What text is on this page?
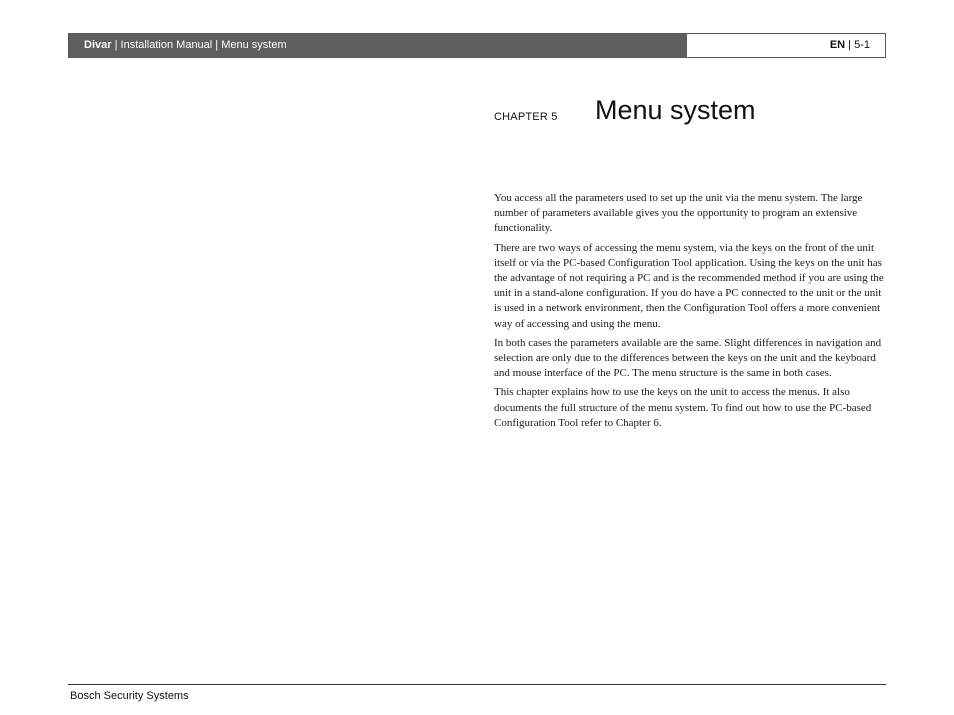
Divar | Installation Manual | Menu system	EN | 5-1
CHAPTER 5 Menu system

You access all the parameters used to set up the unit via the menu system. The large number of parameters available gives you the opportunity to program an extensive functionality.

There are two ways of accessing the menu system, via the keys on the front of the unit itself or via the PC-based Configuration Tool application. Using the keys on the unit has the advantage of not requiring a PC and is the recommended method if you are using the unit in a stand-alone configuration. If you do have a PC connected to the unit or the unit is used in a network environment, then the Configuration Tool offers a more convenient way of accessing and using the menu.

In both cases the parameters available are the same. Slight differences in navigation and selection are only due to the differences between the keys on the unit and the keyboard and mouse interface of the PC. The menu structure is the same in both cases.

This chapter explains how to use the keys on the unit to access the menus. It also documents the full structure of the menu system. To find out how to use the PC-based Configuration Tool refer to Chapter 6.

Bosch Security Systems
